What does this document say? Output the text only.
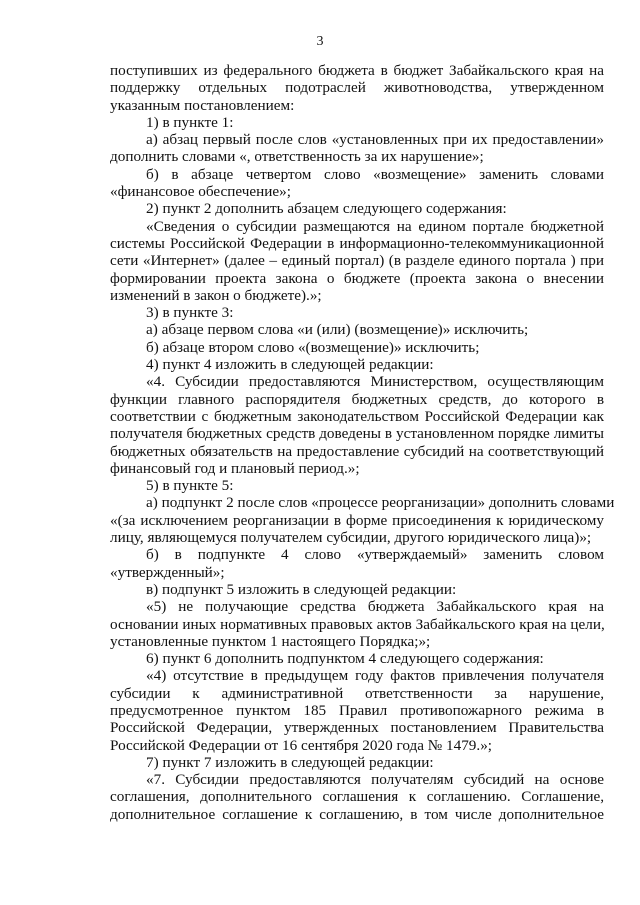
3

поступивших из федерального бюджета в бюджет Забайкальского края на
поддержку отдельных подотраслей животноводства, утвержденном
указанным постановлением:

1) в пункте 1:

а) абзац первый после слов «установленных при их предоставлении»
дополнить словами «, ответственность за их нарушение»;

б) в абзаце четвертом слово «возмещение» заменить словами
«финансовое обеспечение»;

2) пункт 2 дополнить абзацем следующего содержания:

«Сведения о субсидии размещаются на едином портале бюджетной
системы Российской Федерации в информационно-телекоммуникационной
сети «Интернет» (далее – единый портал) (в разделе единого портала ) при
формировании проекта закона о бюджете (проекта закона о внесении
изменений в закон о бюджете).»;

3) в пункте 3:

а) абзаце первом слова «и (или) (возмещение)» исключить;

б) абзаце втором слово «(возмещение)» исключить;

4) пункт 4 изложить в следующей редакции:

«4. Субсидии предоставляются Министерством, осуществляющим
функции главного распорядителя бюджетных средств, до которого в
соответствии с бюджетным законодательством Российской Федерации как
получателя бюджетных средств доведены в установленном порядке лимиты
бюджетных обязательств на предоставление субсидий на соответствующий
финансовый год и плановый период.»;

5) в пункте 5:

а) подпункт 2 после слов «процессе реорганизации» дополнить словами
«(за исключением реорганизации в форме присоединения к юридическому
лицу, являющемуся получателем субсидии, другого юридического лица)»;

б) в подпункте 4 слово «утверждаемый» заменить словом
«утвержденный»;

в) подпункт 5 изложить в следующей редакции:

«5) не получающие средства бюджета Забайкальского края на
основании иных нормативных правовых актов Забайкальского края на цели,
установленные пунктом 1 настоящего Порядка;»;

6) пункт 6 дополнить подпунктом 4 следующего содержания:

«4) отсутствие в предыдущем году фактов привлечения получателя
субсидии к административной ответственности за нарушение,
предусмотренное пунктом 185 Правил противопожарного режима в
Российской Федерации, утвержденных постановлением Правительства
Российской Федерации от 16 сентября 2020 года № 1479.»;

7) пункт 7 изложить в следующей редакции:

«7. Субсидии предоставляются получателям субсидий на основе
соглашения, дополнительного соглашения к соглашению. Соглашение,
дополнительное соглашение к соглашению, в том числе дополнительное
